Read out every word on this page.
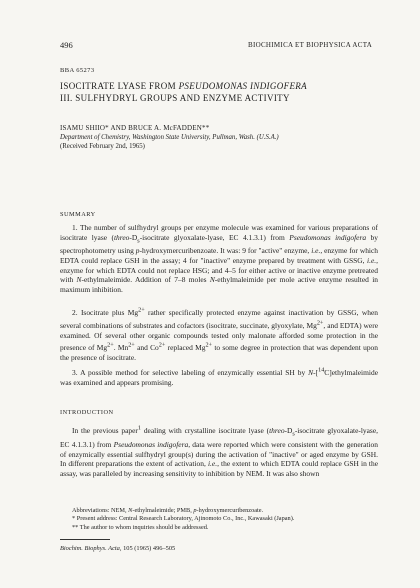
496	BIOCHIMICA ET BIOPHYSICA ACTA
BBA 65273
ISOCITRATE LYASE FROM PSEUDOMONAS INDIGOFERA
III. SULFHYDRYL GROUPS AND ENZYME ACTIVITY
ISAMU SHIIO* AND BRUCE A. McFADDEN**
Department of Chemistry, Washington State University, Pullman, Wash. (U.S.A.)
(Received February 2nd, 1965)
SUMMARY
1. The number of sulfhydryl groups per enzyme molecule was examined for various preparations of isocitrate lyase ($threo-D_s$-isocitrate glyoxalate-lyase, EC 4.1.3.1) from Pseudomonas indigofera by spectrophotometry using p-hydroxymercuribenzoate. It was: 9 for "active" enzyme, i.e., enzyme for which EDTA could replace GSH in the assay; 4 for "inactive" enzyme prepared by treatment with GSSG, i.e., enzyme for which EDTA could not replace HSG; and 4–5 for either active or inactive enzyme pretreated with N-ethylmaleimide. Addition of 7–8 moles N-ethylmaleimide per mole active enzyme resulted in maximum inhibition.
2. Isocitrate plus $Mg^{2+}$ rather specifically protected enzyme against inactivation by GSSG, when several combinations of substrates and cofactors (isocitrate, succinate, glyoxylate, $Mg^{2+}$, and EDTA) were examined. Of several other organic compounds tested only malonate afforded some protection in the presence of $Mg^{2+}$. $Mn^{2+}$ and $Co^{2+}$ replaced $Mg^{2+}$ to some degree in protection that was dependent upon the presence of isocitrate.
3. A possible method for selective labeling of enzymically essential SH by N-[$^{14}$C]ethylmaleimide was examined and appears promising.
INTRODUCTION
In the previous paper$^1$ dealing with crystalline isocitrate lyase ($threo-D_s$-isocitrate glyoxalate-lyase, EC 4.1.3.1) from Pseudomonas indigofera, data were reported which were consistent with the generation of enzymically essential sulfhydryl group(s) during the activation of "inactive" or aged enzyme by GSH. In different preparations the extent of activation, i.e., the extent to which EDTA could replace GSH in the assay, was paralleled by increasing sensitivity to inhibition by NEM. It was also shown
Abbreviations: NEM, N-ethylmaleimide; PMB, p-hydroxymercuribenzoate.
* Present address: Central Research Laboratory, Ajinomoto Co., Inc., Kawasaki (Japan).
** The author to whom inquiries should be addressed.
Biochim. Biophys. Acta, 105 (1965) 496–505
